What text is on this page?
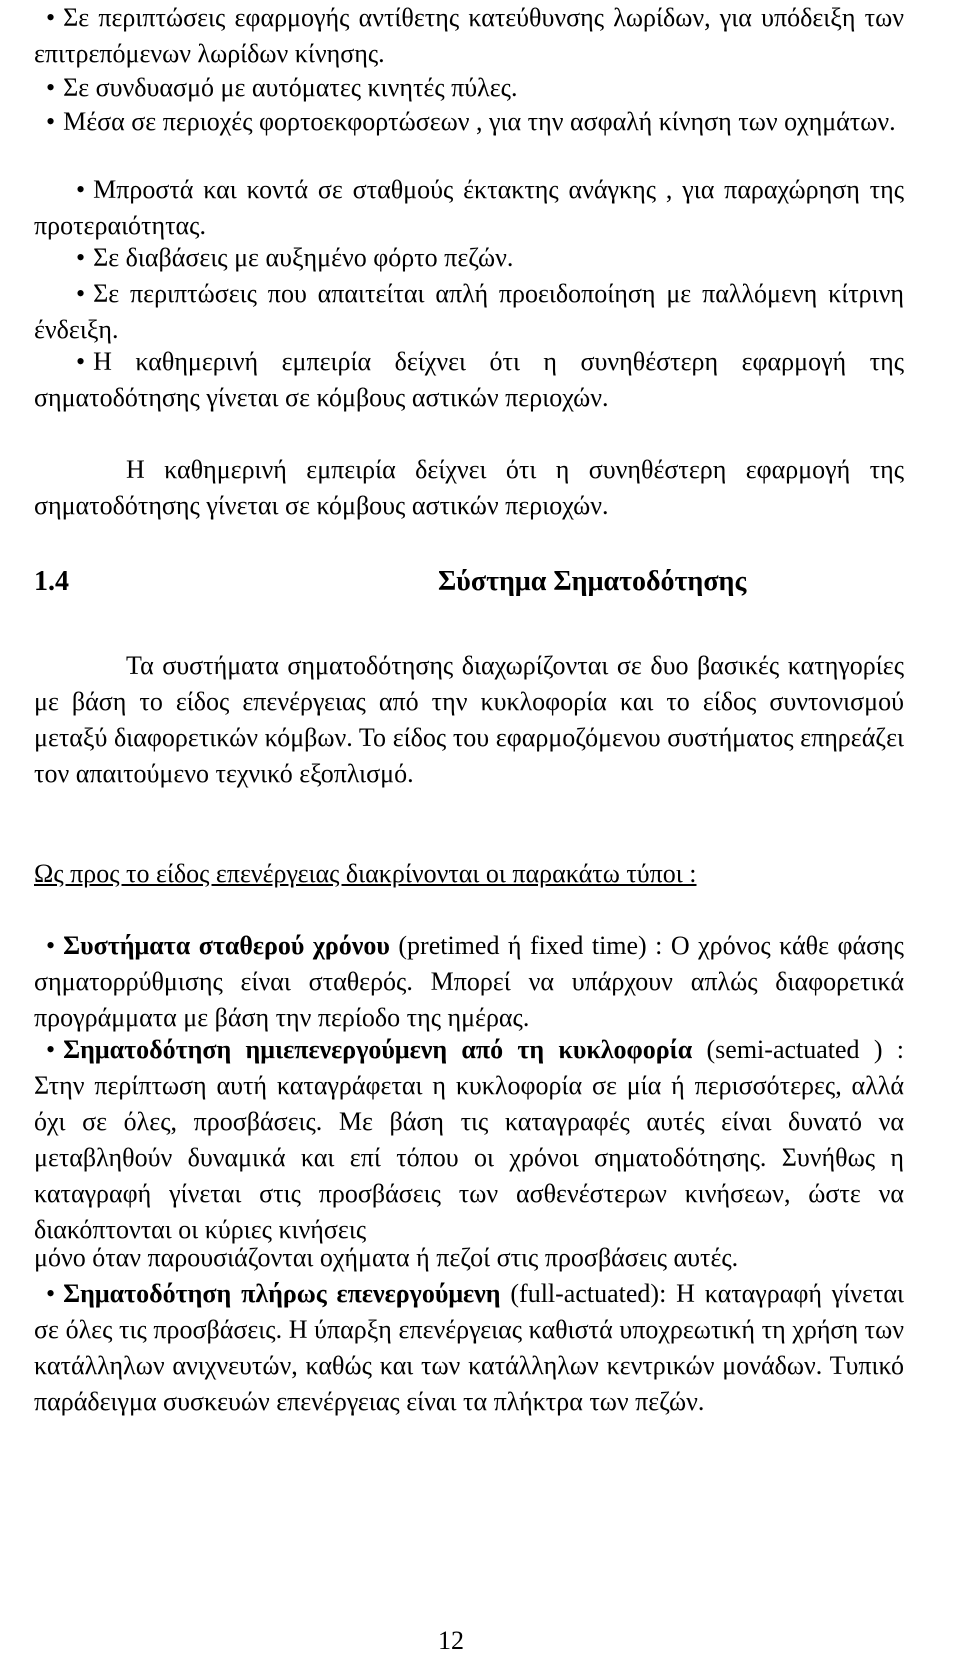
• Σε περιπτώσεις εφαρμογής αντίθετης κατεύθυνσης λωρίδων, για υπόδειξη των επιτρεπόμενων λωρίδων κίνησης.
• Σε συνδυασμό με αυτόματες κινητές πύλες.
• Μέσα σε περιοχές φορτοεκφορτώσεων , για την ασφαλή κίνηση των οχημάτων.
• Μπροστά και κοντά σε σταθμούς έκτακτης ανάγκης , για παραχώρηση της προτεραιότητας.
• Σε διαβάσεις με αυξημένο φόρτο πεζών.
• Σε περιπτώσεις που απαιτείται απλή προειδοποίηση με παλλόμενη κίτρινη ένδειξη.
• Η καθημερινή εμπειρία δείχνει ότι η συνηθέστερη εφαρμογή της σηματοδότησης γίνεται σε κόμβους αστικών περιοχών.
Η καθημερινή εμπειρία δείχνει ότι η συνηθέστερη εφαρμογή της σηματοδότησης γίνεται σε κόμβους αστικών περιοχών.
1.4	Σύστημα Σηματοδότησης
Τα συστήματα σηματοδότησης διαχωρίζονται σε δυο βασικές κατηγορίες με βάση το είδος επενέργειας από την κυκλοφορία και το είδος συντονισμού μεταξύ διαφορετικών κόμβων. Το είδος του εφαρμοζόμενου συστήματος επηρεάζει τον απαιτούμενο τεχνικό εξοπλισμό.
Ως προς το είδος επενέργειας διακρίνονται οι παρακάτω τύποι :
• Συστήματα σταθερού χρόνου (pretimed ή fixed time) : Ο χρόνος κάθε φάσης σηματορρύθμισης είναι σταθερός. Μπορεί να υπάρχουν απλώς διαφορετικά προγράμματα με βάση την περίοδο της ημέρας.
• Σηματοδότηση ημιεπενεργούμενη από τη κυκλοφορία (semi-actuated ) : Στην περίπτωση αυτή καταγράφεται η κυκλοφορία σε μία ή περισσότερες, αλλά όχι σε όλες, προσβάσεις. Με βάση τις καταγραφές αυτές είναι δυνατό να μεταβληθούν δυναμικά και επί τόπου οι χρόνοι σηματοδότησης. Συνήθως η καταγραφή γίνεται στις προσβάσεις των ασθενέστερων κινήσεων, ώστε να διακόπτονται οι κύριες κινήσεις
μόνο όταν παρουσιάζονται οχήματα ή πεζοί στις προσβάσεις αυτές.
• Σηματοδότηση πλήρως επενεργούμενη (full-actuated): Η καταγραφή γίνεται σε όλες τις προσβάσεις. Η ύπαρξη επενέργειας καθιστά υποχρεωτική τη χρήση των κατάλληλων ανιχνευτών, καθώς και των κατάλληλων κεντρικών μονάδων. Τυπικό παράδειγμα συσκευών επενέργειας είναι τα πλήκτρα των πεζών.
12
